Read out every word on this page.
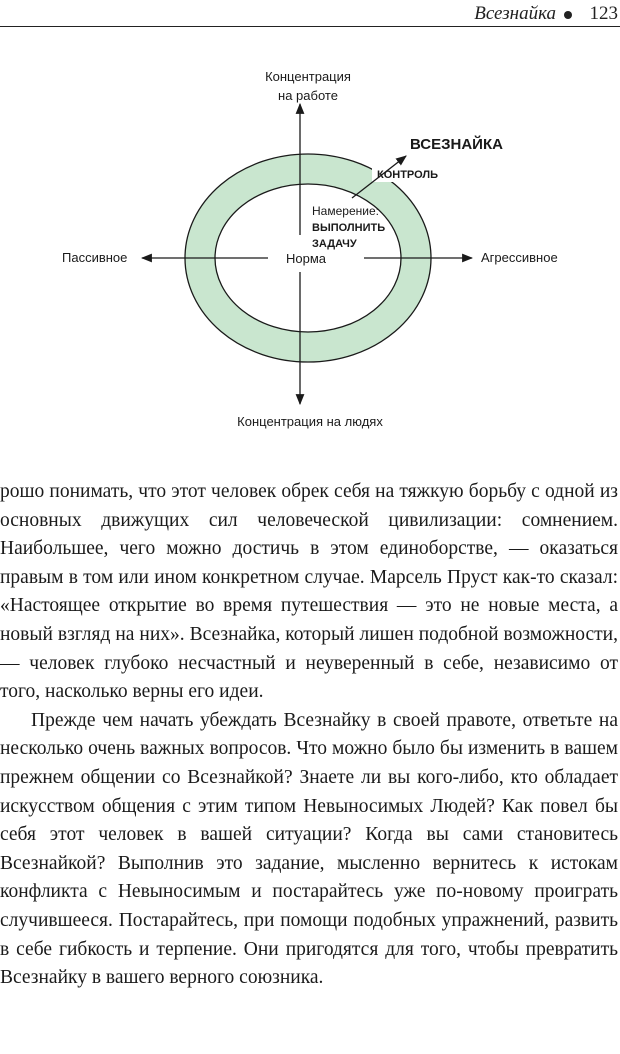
Всезнайка 123
Концентрация
на работе
Концентрация на людях
Пассивное	Агрессивное
Норма
ВСЕЗНАЙКА
КОНТРОЛЬ
Намерение:
ВЫПОЛНИТЬ
ЗАДАЧУ

рошо понимать, что этот человек обрек себя на тяжкую борьбу с одной из основных движущих сил человеческой цивилизации: сомнением. Наибольшее, чего можно достичь в этом единоборстве, — оказаться правым в том или ином конкретном случае. Марсель Пруст как-то сказал: «Настоящее открытие во время путешествия — это не новые места, а новый взгляд на них». Всезнайка, который лишен подобной возможности, — человек глубоко несчастный и неуверенный в себе, независимо от того, насколько верны его идеи.

Прежде чем начать убеждать Всезнайку в своей правоте, ответьте на несколько очень важных вопросов. Что можно было бы изменить в вашем прежнем общении со Всезнайкой? Знаете ли вы кого-либо, кто обладает искусством общения с этим типом Невыносимых Людей? Как повел бы себя этот человек в вашей ситуации? Когда вы сами становитесь Всезнайкой? Выполнив это задание, мысленно вернитесь к истокам конфликта с Невыносимым и постарайтесь уже по-новому проиграть случившееся. Постарайтесь, при помощи подобных упражнений, развить в себе гибкость и терпение. Они пригодятся для того, чтобы превратить Всезнайку в вашего верного союзника.
